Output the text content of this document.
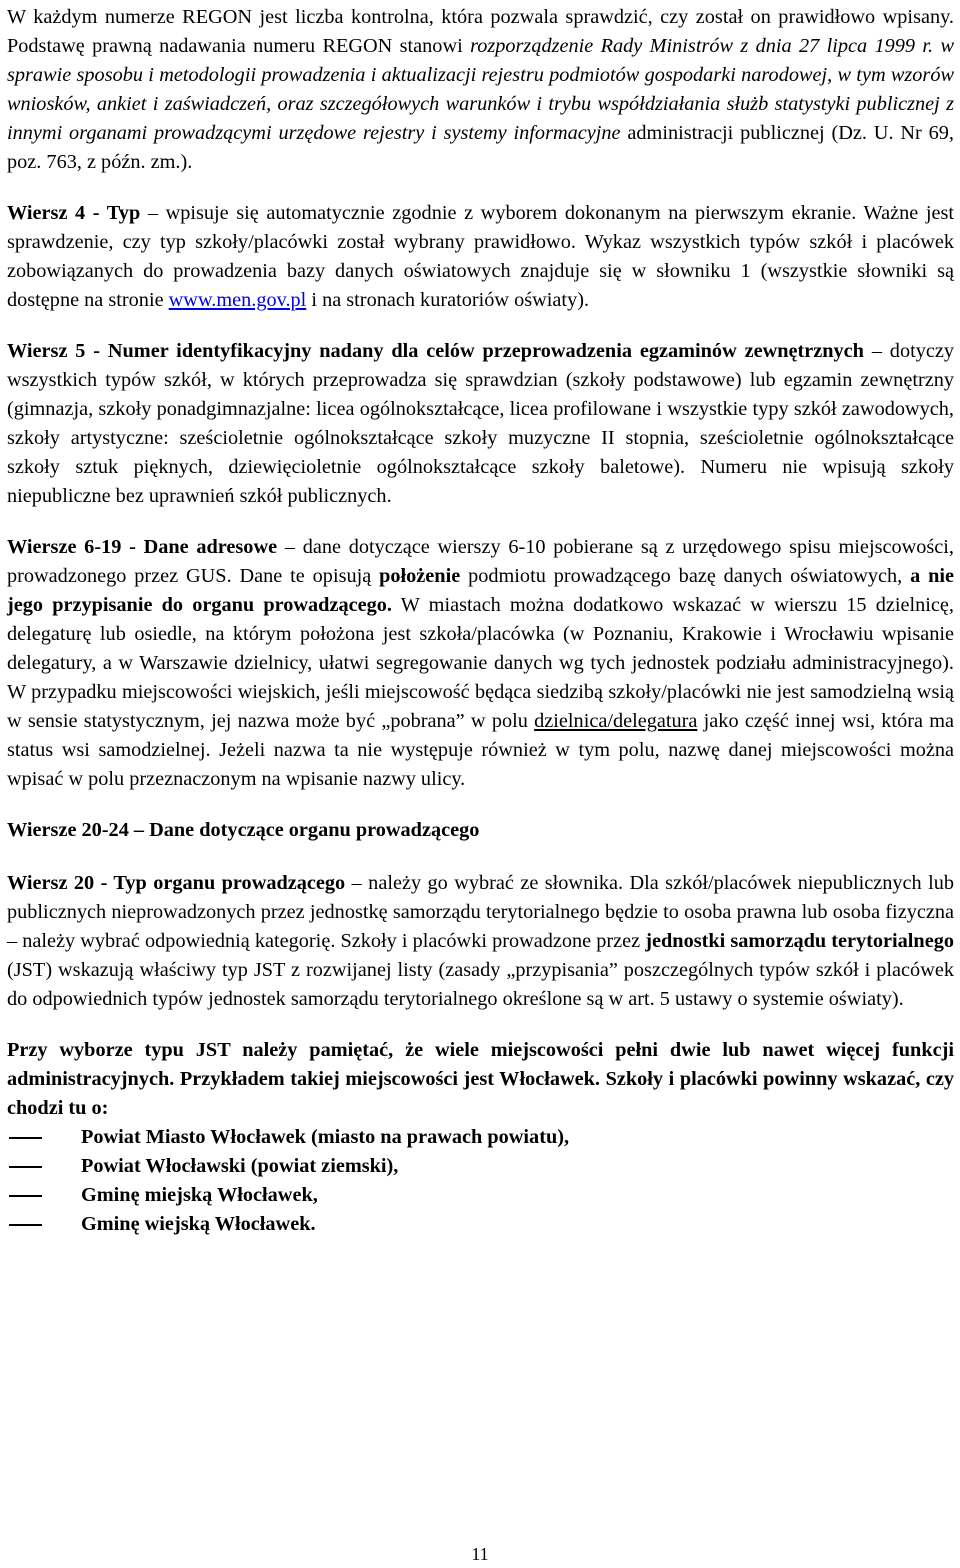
W każdym numerze REGON jest liczba kontrolna, która pozwala sprawdzić, czy został on prawidłowo wpisany. Podstawę prawną nadawania numeru REGON stanowi rozporządzenie Rady Ministrów z dnia 27 lipca 1999 r. w sprawie sposobu i metodologii prowadzenia i aktualizacji rejestru podmiotów gospodarki narodowej, w tym wzorów wniosków, ankiet i zaświadczeń, oraz szczegółowych warunków i trybu współdziałania służb statystyki publicznej z innymi organami prowadzącymi urzędowe rejestry i systemy informacyjne administracji publicznej (Dz. U. Nr 69, poz. 763, z późn. zm.).

Wiersz 4 - Typ – wpisuje się automatycznie zgodnie z wyborem dokonanym na pierwszym ekranie. Ważne jest sprawdzenie, czy typ szkoły/placówki został wybrany prawidłowo. Wykaz wszystkich typów szkół i placówek zobowiązanych do prowadzenia bazy danych oświatowych znajduje się w słowniku 1 (wszystkie słowniki są dostępne na stronie www.men.gov.pl i na stronach kuratoriów oświaty).

Wiersz 5 - Numer identyfikacyjny nadany dla celów przeprowadzenia egzaminów zewnętrznych – dotyczy wszystkich typów szkół, w których przeprowadza się sprawdzian (szkoły podstawowe) lub egzamin zewnętrzny (gimnazja, szkoły ponadgimnazjalne: licea ogólnokształcące, licea profilowane i wszystkie typy szkół zawodowych, szkoły artystyczne: sześcioletnie ogólnokształcące szkoły muzyczne II stopnia, sześcioletnie ogólnokształcące szkoły sztuk pięknych, dziewięcioletnie ogólnokształcące szkoły baletowe). Numeru nie wpisują szkoły niepubliczne bez uprawnień szkół publicznych.

Wiersze 6-19 - Dane adresowe – dane dotyczące wierszy 6-10 pobierane są z urzędowego spisu miejscowości, prowadzonego przez GUS. Dane te opisują położenie podmiotu prowadzącego bazę danych oświatowych, a nie jego przypisanie do organu prowadzącego. W miastach można dodatkowo wskazać w wierszu 15 dzielnicę, delegaturę lub osiedle, na którym położona jest szkoła/placówka (w Poznaniu, Krakowie i Wrocławiu wpisanie delegatury, a w Warszawie dzielnicy, ułatwi segregowanie danych wg tych jednostek podziału administracyjnego). W przypadku miejscowości wiejskich, jeśli miejscowość będąca siedzibą szkoły/placówki nie jest samodzielną wsią w sensie statystycznym, jej nazwa może być „pobrana” w polu dzielnica/delegatura jako część innej wsi, która ma status wsi samodzielnej. Jeżeli nazwa ta nie występuje również w tym polu, nazwę danej miejscowości można wpisać w polu przeznaczonym na wpisanie nazwy ulicy.

Wiersze 20-24 – Dane dotyczące organu prowadzącego

Wiersz 20 - Typ organu prowadzącego – należy go wybrać ze słownika. Dla szkół/placówek niepublicznych lub publicznych nieprowadzonych przez jednostkę samorządu terytorialnego będzie to osoba prawna lub osoba fizyczna – należy wybrać odpowiednią kategorię. Szkoły i placówki prowadzone przez jednostki samorządu terytorialnego (JST) wskazują właściwy typ JST z rozwijanej listy (zasady „przypisania” poszczególnych typów szkół i placówek do odpowiednich typów jednostek samorządu terytorialnego określone są w art. 5 ustawy o systemie oświaty).

Przy wyborze typu JST należy pamiętać, że wiele miejscowości pełni dwie lub nawet więcej funkcji administracyjnych. Przykładem takiej miejscowości jest Włocławek. Szkoły i placówki powinny wskazać, czy chodzi tu o:

Powiat Miasto Włocławek (miasto na prawach powiatu),
Powiat Włocławski (powiat ziemski),
Gminę miejską Włocławek,
Gminę wiejską Włocławek.
11
